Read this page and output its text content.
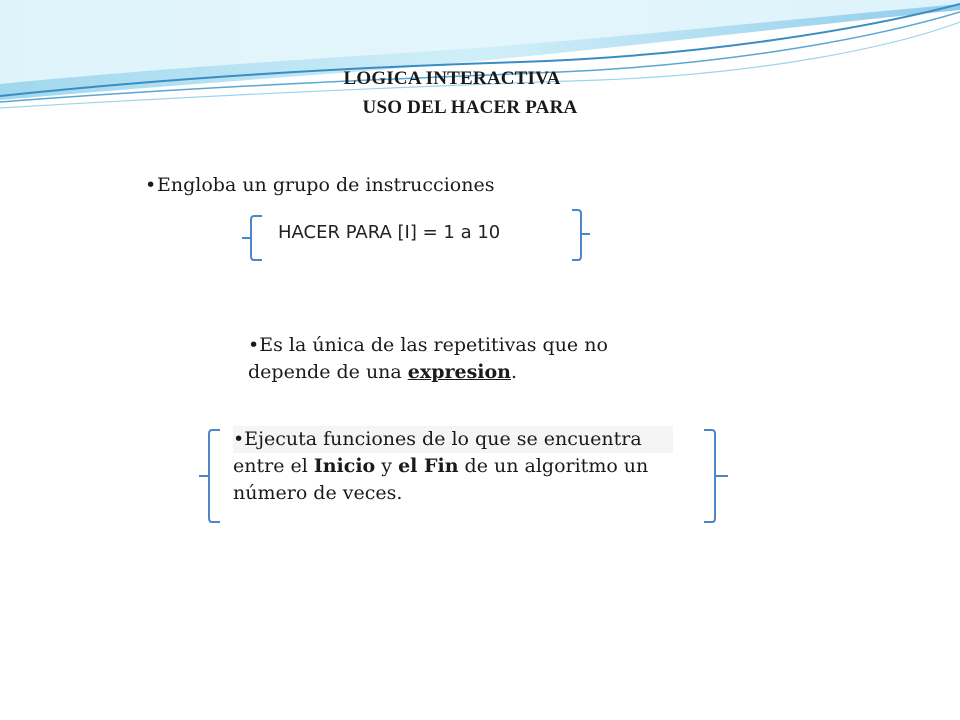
LOGICA INTERACTIVA
USO DEL HACER PARA
•Engloba un grupo de instrucciones
HACER PARA [I] = 1 a 10
•Es la única de las repetitivas que no
depende de una expresion.
•Ejecuta funciones de lo que se encuentra
entre el Inicio y el Fin de un algoritmo un
número de veces.
